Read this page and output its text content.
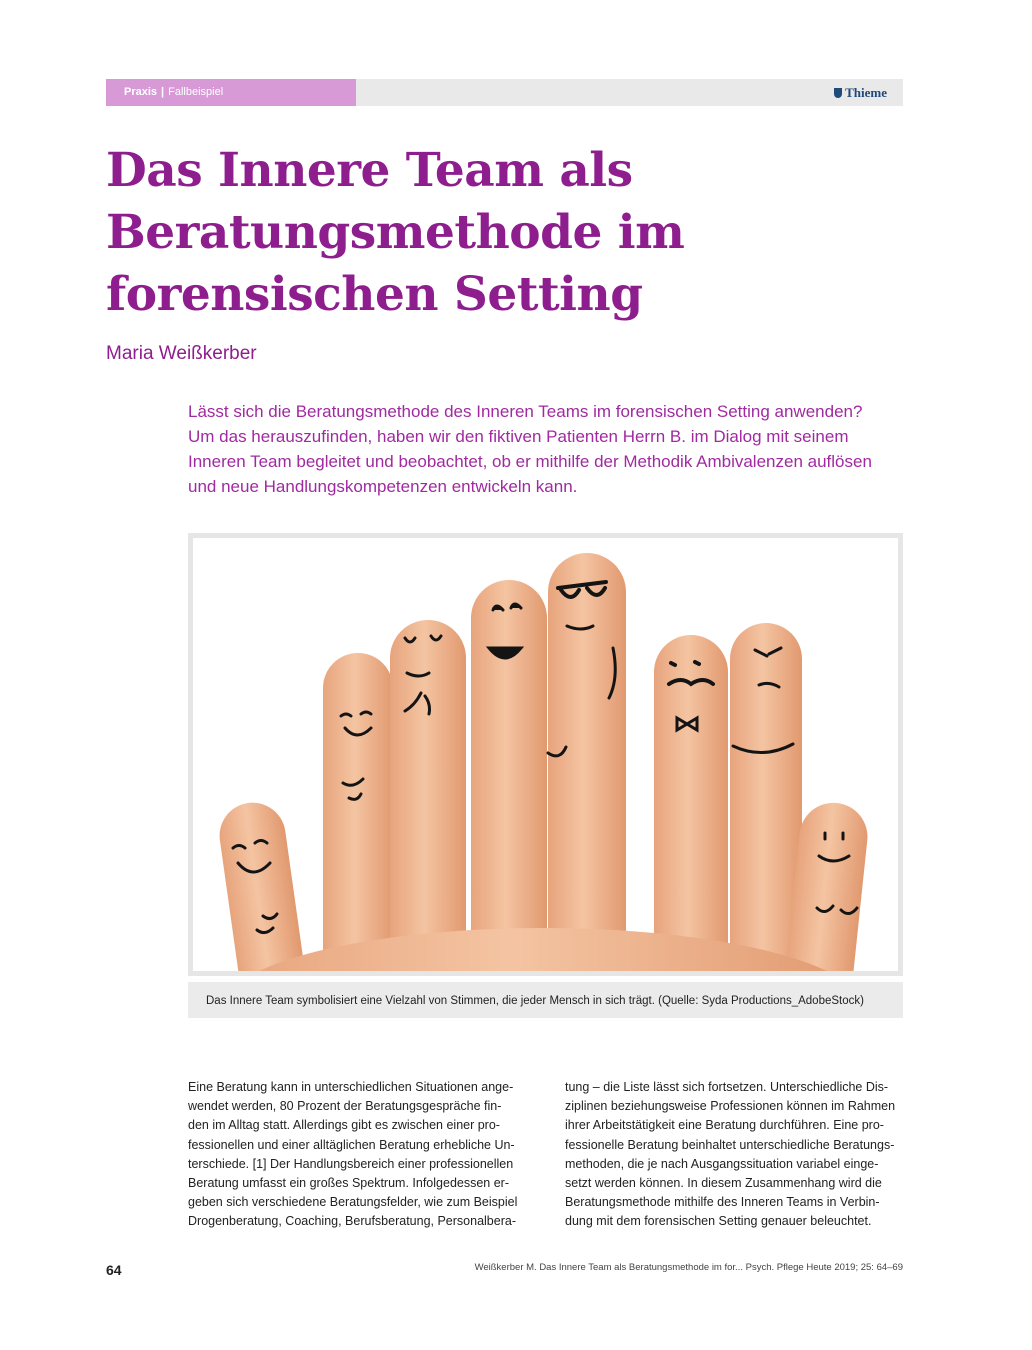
Praxis | Fallbeispiel	Thieme
Das Innere Team als
Beratungsmethode im
forensischen Setting
Maria Weißkerber
Lässt sich die Beratungsmethode des Inneren Teams im forensischen Setting anwenden?
Um das herauszufinden, haben wir den fiktiven Patienten Herrn B. im Dialog mit seinem
Inneren Team begleitet und beobachtet, ob er mithilfe der Methodik Ambivalenzen auflösen
und neue Handlungskompetenzen entwickeln kann.
Das Innere Team symbolisiert eine Vielzahl von Stimmen, die jeder Mensch in sich trägt. (Quelle: Syda Productions_AdobeStock)
Eine Beratung kann in unterschiedlichen Situationen ange-
wendet werden, 80 Prozent der Beratungsgespräche fin-
den im Alltag statt. Allerdings gibt es zwischen einer pro-
fessionellen und einer alltäglichen Beratung erhebliche Un-
terschiede. [1] Der Handlungsbereich einer professionellen
Beratung umfasst ein großes Spektrum. Infolgedessen er-
geben sich verschiedene Beratungsfelder, wie zum Beispiel
Drogenberatung, Coaching, Berufsberatung, Personalbera-
tung – die Liste lässt sich fortsetzen. Unterschiedliche Dis-
ziplinen beziehungsweise Professionen können im Rahmen
ihrer Arbeitstätigkeit eine Beratung durchführen. Eine pro-
fessionelle Beratung beinhaltet unterschiedliche Beratungs-
methoden, die je nach Ausgangssituation variabel einge-
setzt werden können. In diesem Zusammenhang wird die
Beratungsmethode mithilfe des Inneren Teams in Verbin-
dung mit dem forensischen Setting genauer beleuchtet.
64	Weißkerber M. Das Innere Team als Beratungsmethode im for... Psych. Pflege Heute 2019; 25: 64–69
